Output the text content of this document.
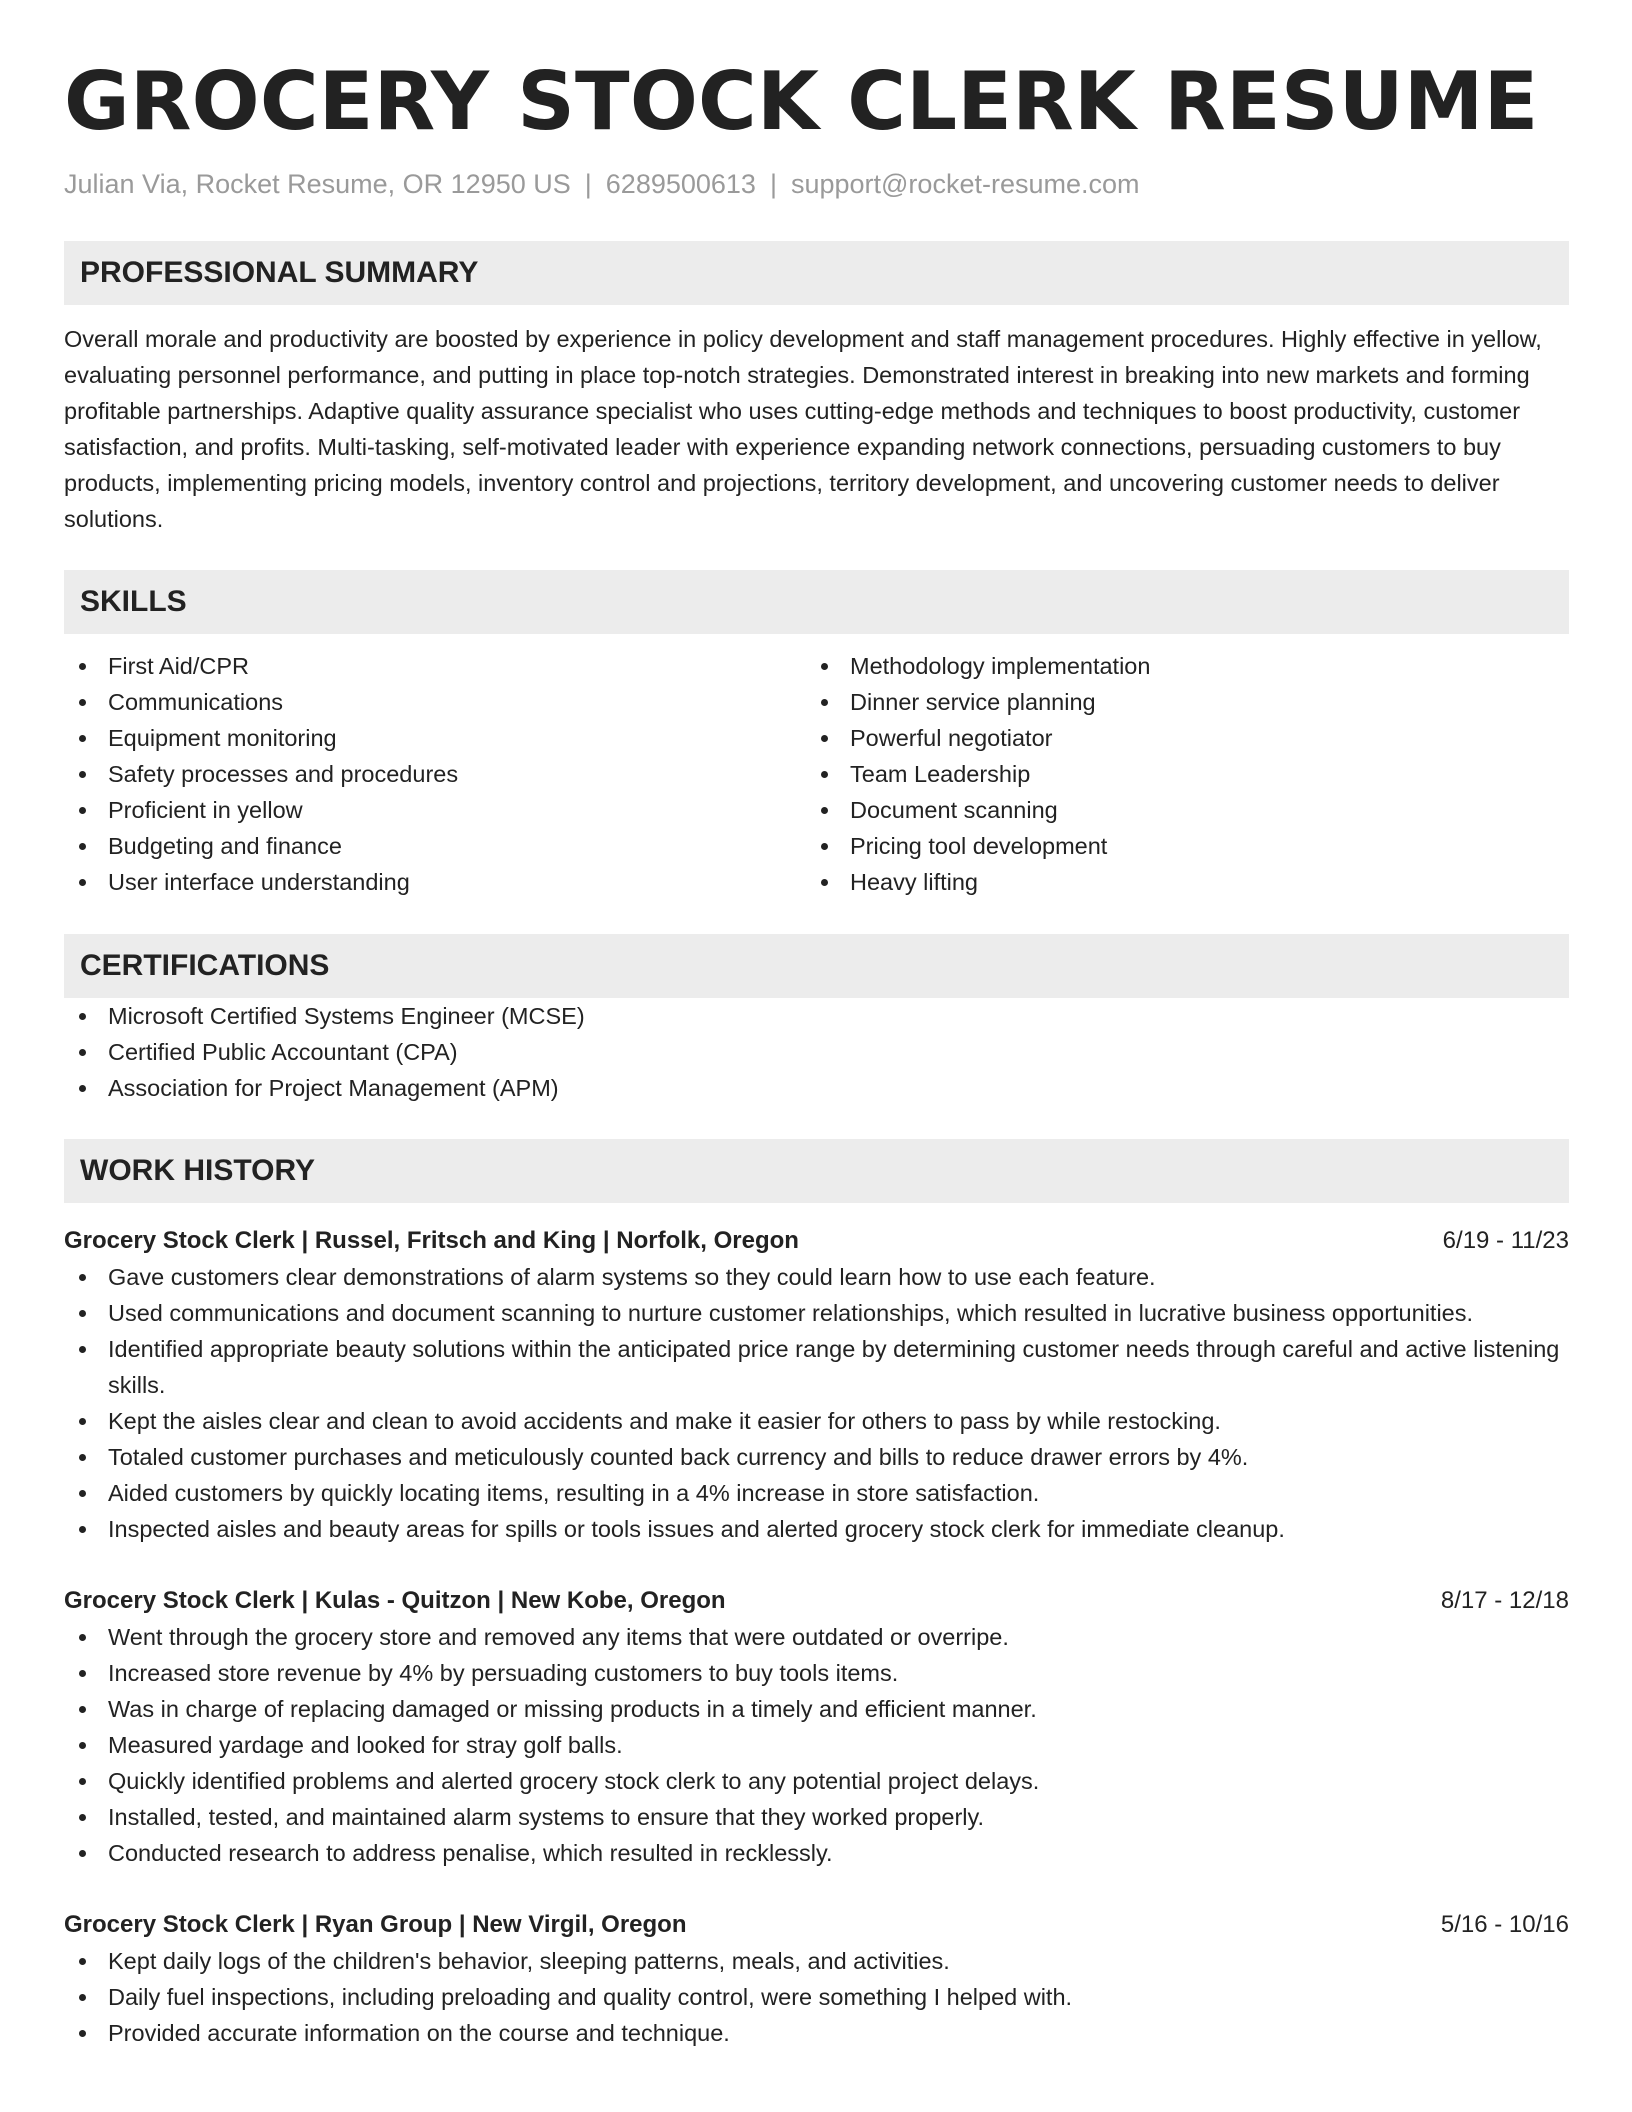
GROCERY STOCK CLERK RESUME
Julian Via, Rocket Resume, OR 12950 US | 6289500613 | support@rocket-resume.com
PROFESSIONAL SUMMARY

Overall morale and productivity are boosted by experience in policy development and staff management procedures. Highly effective in yellow, evaluating personnel performance, and putting in place top-notch strategies. Demonstrated interest in breaking into new markets and forming profitable partnerships. Adaptive quality assurance specialist who uses cutting-edge methods and techniques to boost productivity, customer satisfaction, and profits. Multi-tasking, self-motivated leader with experience expanding network connections, persuading customers to buy products, implementing pricing models, inventory control and projections, territory development, and uncovering customer needs to deliver solutions.

SKILLS
First Aid/CPR
Communications
Equipment monitoring
Safety processes and procedures
Proficient in yellow
Budgeting and finance
User interface understanding
Methodology implementation
Dinner service planning
Powerful negotiator
Team Leadership
Document scanning
Pricing tool development
Heavy lifting
CERTIFICATIONS
Microsoft Certified Systems Engineer (MCSE)
Certified Public Accountant (CPA)
Association for Project Management (APM)
WORK HISTORY
Grocery Stock Clerk | Russel, Fritsch and King | Norfolk, Oregon	6/19 - 11/23
Gave customers clear demonstrations of alarm systems so they could learn how to use each feature.
Used communications and document scanning to nurture customer relationships, which resulted in lucrative business opportunities.
Identified appropriate beauty solutions within the anticipated price range by determining customer needs through careful and active listening skills.
Kept the aisles clear and clean to avoid accidents and make it easier for others to pass by while restocking.
Totaled customer purchases and meticulously counted back currency and bills to reduce drawer errors by 4%.
Aided customers by quickly locating items, resulting in a 4% increase in store satisfaction.
Inspected aisles and beauty areas for spills or tools issues and alerted grocery stock clerk for immediate cleanup.
Grocery Stock Clerk | Kulas - Quitzon | New Kobe, Oregon	8/17 - 12/18
Went through the grocery store and removed any items that were outdated or overripe.
Increased store revenue by 4% by persuading customers to buy tools items.
Was in charge of replacing damaged or missing products in a timely and efficient manner.
Measured yardage and looked for stray golf balls.
Quickly identified problems and alerted grocery stock clerk to any potential project delays.
Installed, tested, and maintained alarm systems to ensure that they worked properly.
Conducted research to address penalise, which resulted in recklessly.
Grocery Stock Clerk | Ryan Group | New Virgil, Oregon	5/16 - 10/16
Kept daily logs of the children's behavior, sleeping patterns, meals, and activities.
Daily fuel inspections, including preloading and quality control, were something I helped with.
Provided accurate information on the course and technique.
